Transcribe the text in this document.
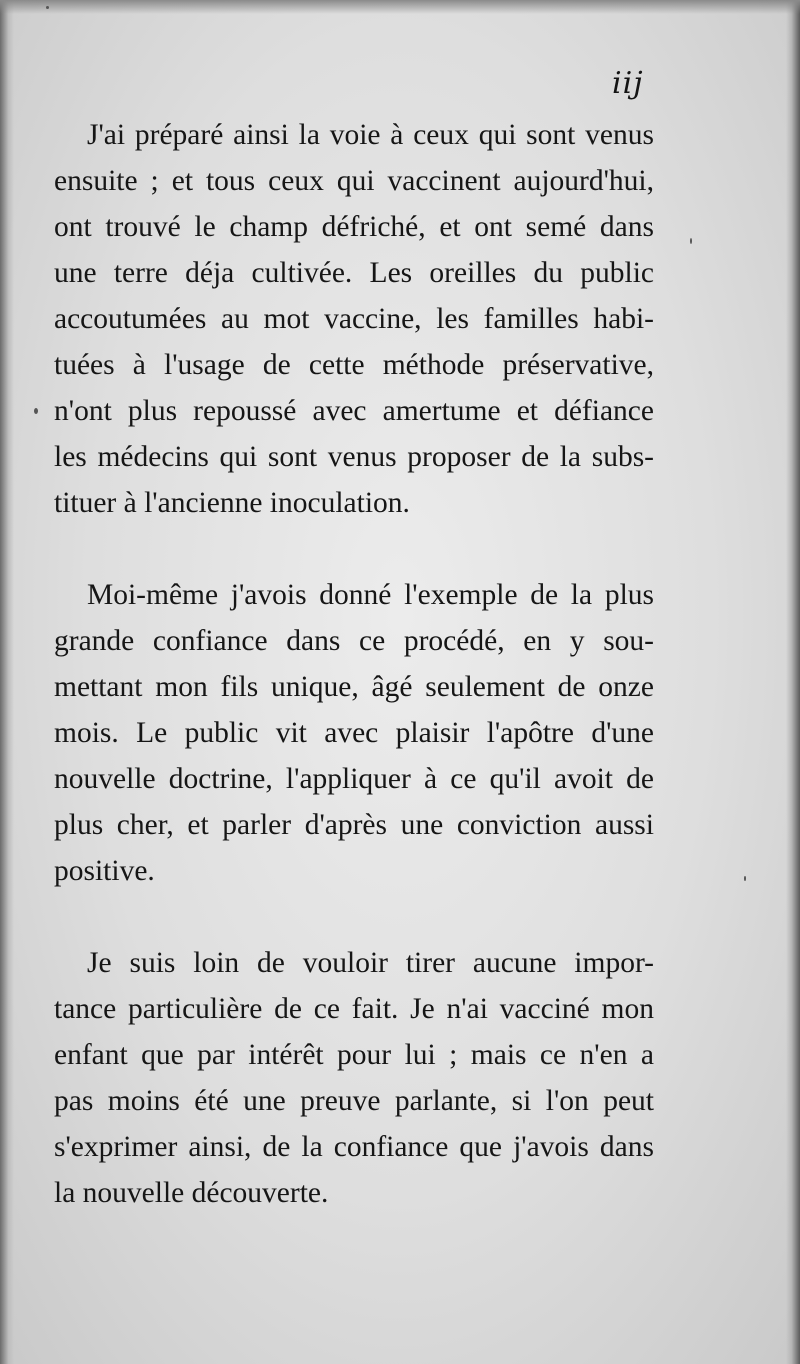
iij
J'ai préparé ainsi la voie à ceux qui sont venus
ensuite ; et tous ceux qui vaccinent aujourd'hui,
ont trouvé le champ défriché, et ont semé dans
une terre déja cultivée. Les oreilles du public
accoutumées au mot vaccine, les familles habi-
tuées à l'usage de cette méthode préservative,
n'ont plus repoussé avec amertume et défiance
les médecins qui sont venus proposer de la subs-
tituer à l'ancienne inoculation.
Moi-même j'avois donné l'exemple de la plus
grande confiance dans ce procédé, en y sou-
mettant mon fils unique, âgé seulement de onze
mois. Le public vit avec plaisir l'apôtre d'une
nouvelle doctrine, l'appliquer à ce qu'il avoit de
plus cher, et parler d'après une conviction aussi
positive.
Je suis loin de vouloir tirer aucune impor-
tance particulière de ce fait. Je n'ai vacciné mon
enfant que par intérêt pour lui ; mais ce n'en a
pas moins été une preuve parlante, si l'on peut
s'exprimer ainsi, de la confiance que j'avois dans
la nouvelle découverte.
